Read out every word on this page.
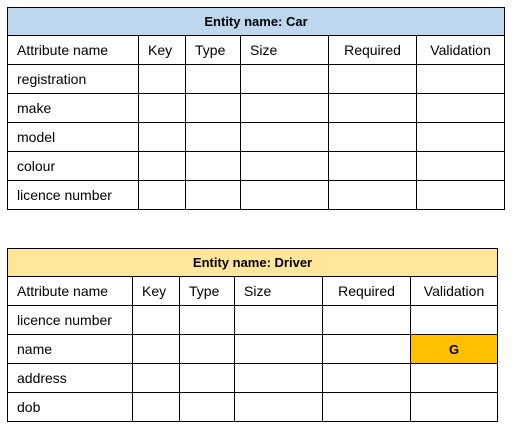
Entity name: Car					
Attribute name	Key	Type	Size	Required	Validation
registration					
make					
model					
colour					
licence number					
Entity name: Driver					
Attribute name	Key	Type	Size	Required	Validation
licence number					
name					G
address					
dob					
